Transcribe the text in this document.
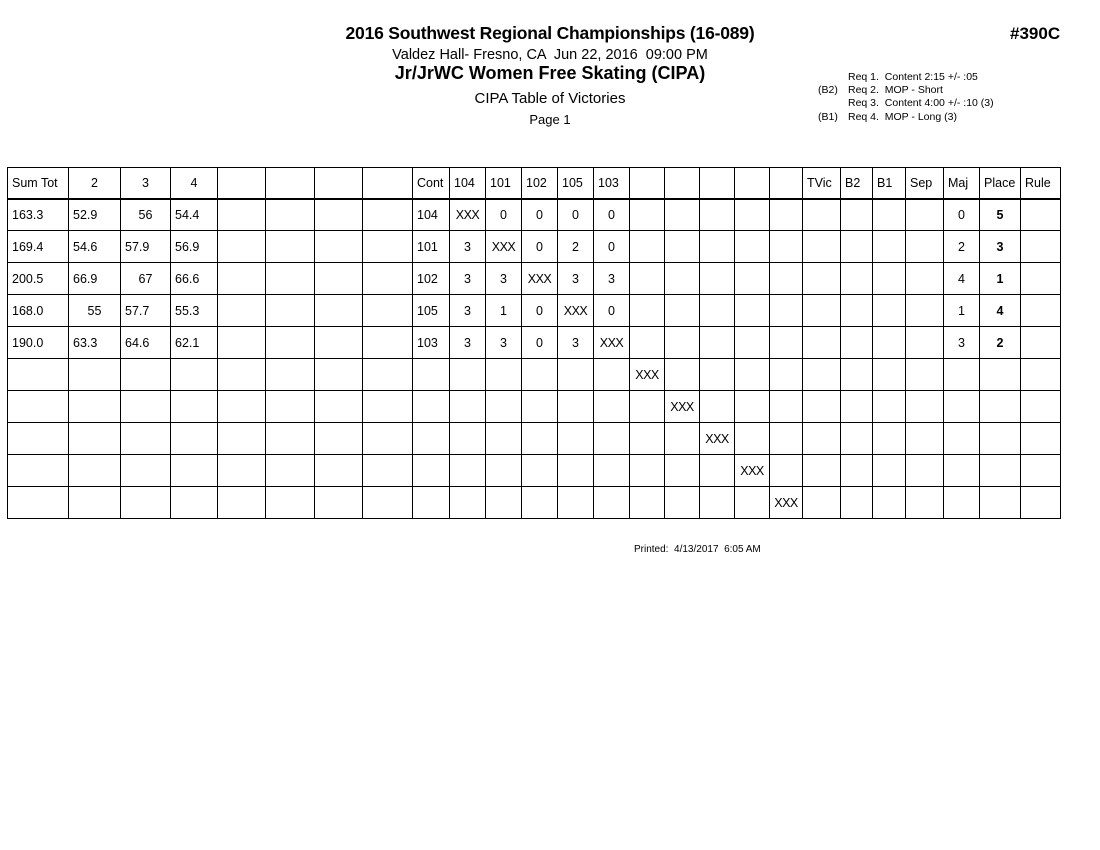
2016 Southwest Regional Championships (16-089)
Valdez Hall- Fresno, CA  Jun 22, 2016  09:00 PM
Jr/JrWC Women Free Skating (CIPA)
CIPA Table of Victories
Page 1
#390C
Req 1.  Content 2:15 +/- :05
(B2) Req 2.  MOP - Short
Req 3.  Content 4:00 +/- :10 (3)
(B1) Req 4.  MOP - Long (3)
Sum Tot	2	3	4					Cont	104	101	102	105	103						TVic	B2	B1	Sep	Maj	Place	Rule
163.3	52.9	56	54.4					104	XXX	0	0	0	0										0	5	
169.4	54.6	57.9	56.9					101	3	XXX	0	2	0										2	3	
200.5	66.9	67	66.6					102	3	3	XXX	3	3										4	1	
168.0	55	57.7	55.3					105	3	1	0	XXX	0										1	4	
190.0	63.3	64.6	62.1					103	3	3	0	3	XXX										3	2	
														XXX											
															XXX										
																XXX									
																	XXX								
																		XXX							
Printed:  4/13/2017  6:05 AM
